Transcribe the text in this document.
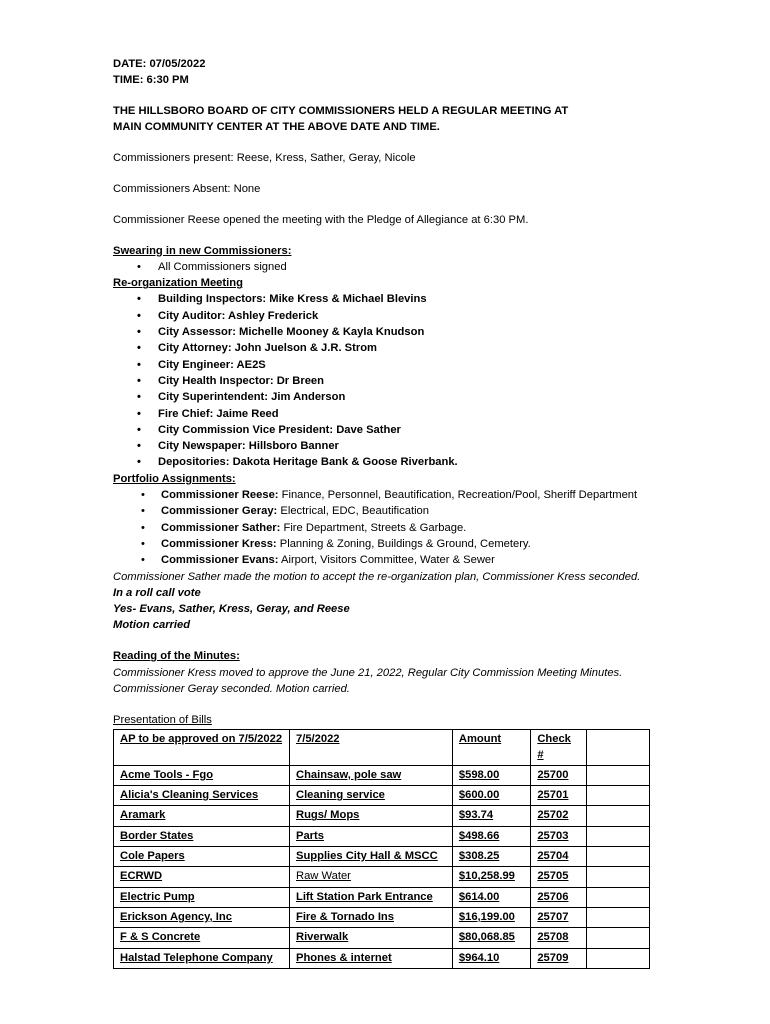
DATE: 07/05/2022

TIME: 6:30 PM

THE HILLSBORO BOARD OF CITY COMMISSIONERS HELD A REGULAR MEETING AT

MAIN COMMUNITY CENTER AT THE ABOVE DATE AND TIME.

Commissioners present: Reese, Kress, Sather, Geray, Nicole

Commissioners Absent: None

Commissioner Reese opened the meeting with the Pledge of Allegiance at 6:30 PM.

Swearing in new Commissioners:

• All Commissioners signed

Re-organization Meeting

• Building Inspectors: Mike Kress & Michael Blevins
• City Auditor: Ashley Frederick
• City Assessor: Michelle Mooney & Kayla Knudson
• City Attorney: John Juelson & J.R. Strom
• City Engineer: AE2S
• City Health Inspector: Dr Breen
• City Superintendent: Jim Anderson
• Fire Chief: Jaime Reed
• City Commission Vice President: Dave Sather
• City Newspaper: Hillsboro Banner
• Depositories: Dakota Heritage Bank & Goose Riverbank.

Portfolio Assignments:

• Commissioner Reese: Finance, Personnel, Beautification, Recreation/Pool, Sheriff Department
• Commissioner Geray: Electrical, EDC, Beautification
• Commissioner Sather: Fire Department, Streets & Garbage.
• Commissioner Kress: Planning & Zoning, Buildings & Ground, Cemetery.
• Commissioner Evans: Airport, Visitors Committee, Water & Sewer

Commissioner Sather made the motion to accept the re-organization plan, Commissioner Kress seconded.

In a roll call vote

Yes- Evans, Sather, Kress, Geray, and Reese

Motion carried

Reading of the Minutes:

Commissioner Kress moved to approve the June 21, 2022, Regular City Commission Meeting Minutes.

Commissioner Geray seconded. Motion carried.

Presentation of Bills

AP to be approved on 7/5/2022	7/5/2022	Amount	Check #	
Acme Tools - Fgo	Chainsaw, pole saw	$598.00	25700	
Alicia's Cleaning Services	Cleaning service	$600.00	25701	
Aramark	Rugs/ Mops	$93.74	25702	
Border States	Parts	$498.66	25703	
Cole Papers	Supplies City Hall & MSCC	$308.25	25704	
ECRWD	Raw Water	$10,258.99	25705	
Electric Pump	Lift Station Park Entrance	$614.00	25706	
Erickson Agency, Inc	Fire & Tornado Ins	$16,199.00	25707	
F & S Concrete	Riverwalk	$80,068.85	25708	
Halstad Telephone Company	Phones & internet	$964.10	25709	
